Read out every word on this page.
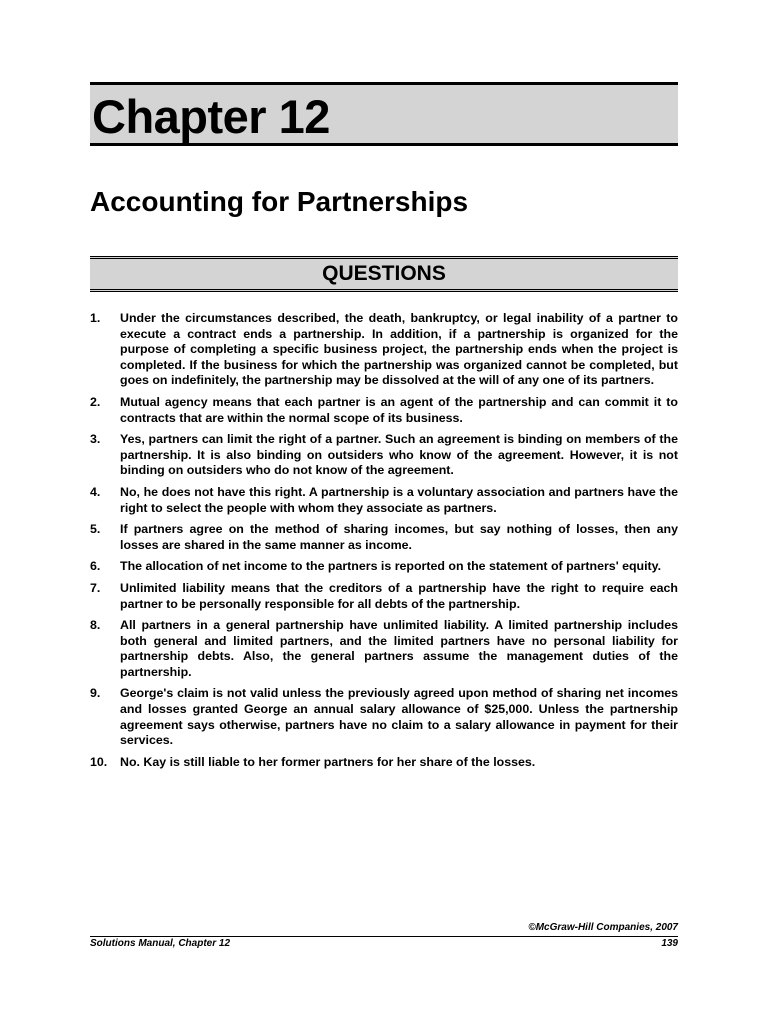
Chapter 12
Accounting for Partnerships
QUESTIONS
1.	Under the circumstances described, the death, bankruptcy, or legal inability of a partner to execute a contract ends a partnership. In addition, if a partnership is organized for the purpose of completing a specific business project, the partnership ends when the project is completed. If the business for which the partnership was organized cannot be completed, but goes on indefinitely, the partnership may be dissolved at the will of any one of its partners.
2.	Mutual agency means that each partner is an agent of the partnership and can commit it to contracts that are within the normal scope of its business.
3.	Yes, partners can limit the right of a partner. Such an agreement is binding on members of the partnership. It is also binding on outsiders who know of the agreement. However, it is not binding on outsiders who do not know of the agreement.
4.	No, he does not have this right. A partnership is a voluntary association and partners have the right to select the people with whom they associate as partners.
5.	If partners agree on the method of sharing incomes, but say nothing of losses, then any losses are shared in the same manner as income.
6.	The allocation of net income to the partners is reported on the statement of partners' equity.
7.	Unlimited liability means that the creditors of a partnership have the right to require each partner to be personally responsible for all debts of the partnership.
8.	All partners in a general partnership have unlimited liability. A limited partnership includes both general and limited partners, and the limited partners have no personal liability for partnership debts. Also, the general partners assume the management duties of the partnership.
9.	George's claim is not valid unless the previously agreed upon method of sharing net incomes and losses granted George an annual salary allowance of $25,000. Unless the partnership agreement says otherwise, partners have no claim to a salary allowance in payment for their services.
10.	No. Kay is still liable to her former partners for her share of the losses.
©McGraw-Hill Companies, 2007
Solutions Manual, Chapter 12	139
